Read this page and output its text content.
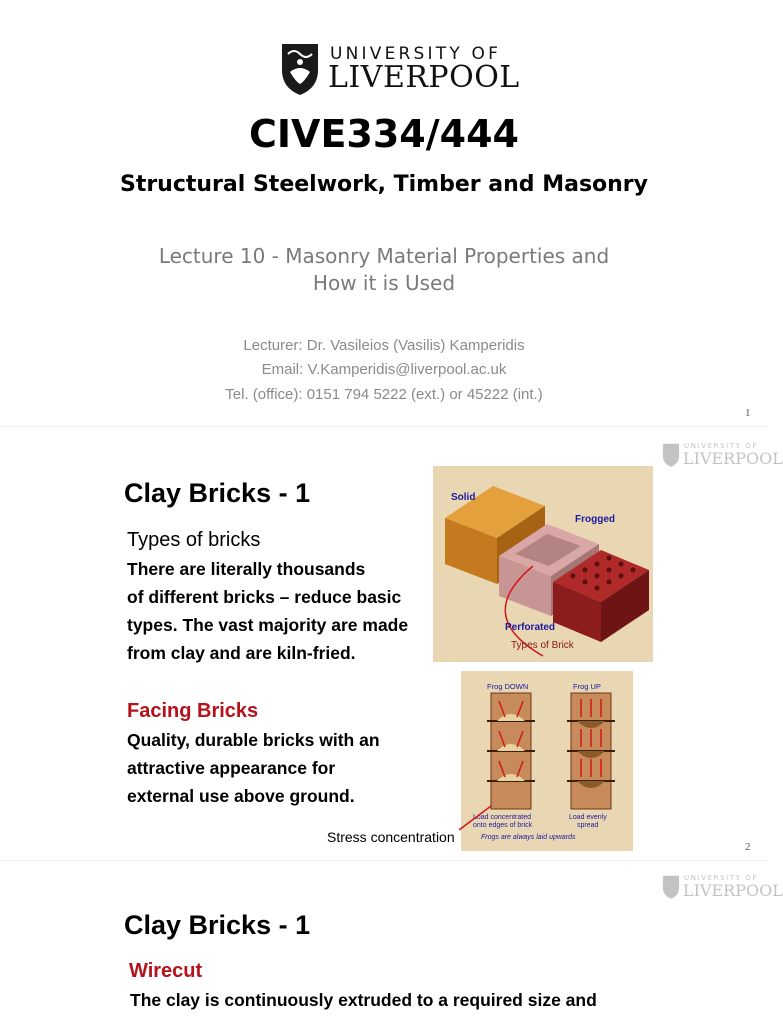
UNIVERSITY OF
LIVERPOOL
CIVE334/444
Structural Steelwork, Timber and Masonry
Lecture 10 - Masonry Material Properties and
How it is Used
Lecturer: Dr. Vasileios (Vasilis) Kamperidis
Email: V.Kamperidis@liverpool.ac.uk
Tel. (office): 0151 794 5222 (ext.) or 45222 (int.)
1
UNIVERSITY OF
LIVERPOOL
Clay Bricks - 1
Types of bricks
There are literally thousands
of different bricks – reduce basic
types. The vast majority are made
from clay and are kiln-fried.
Facing Bricks
Quality, durable bricks with an
attractive appearance for
external use above ground.
Stress concentration
Solid
Frogged
Perforated
Types of Brick
Frog DOWN	Frog UP
Load concentrated
onto edges of brick
Load evenly
spread
Frogs are always laid upwards
2
UNIVERSITY OF
LIVERPOOL
Clay Bricks - 1
Wirecut
The clay is continuously extruded to a required size and
